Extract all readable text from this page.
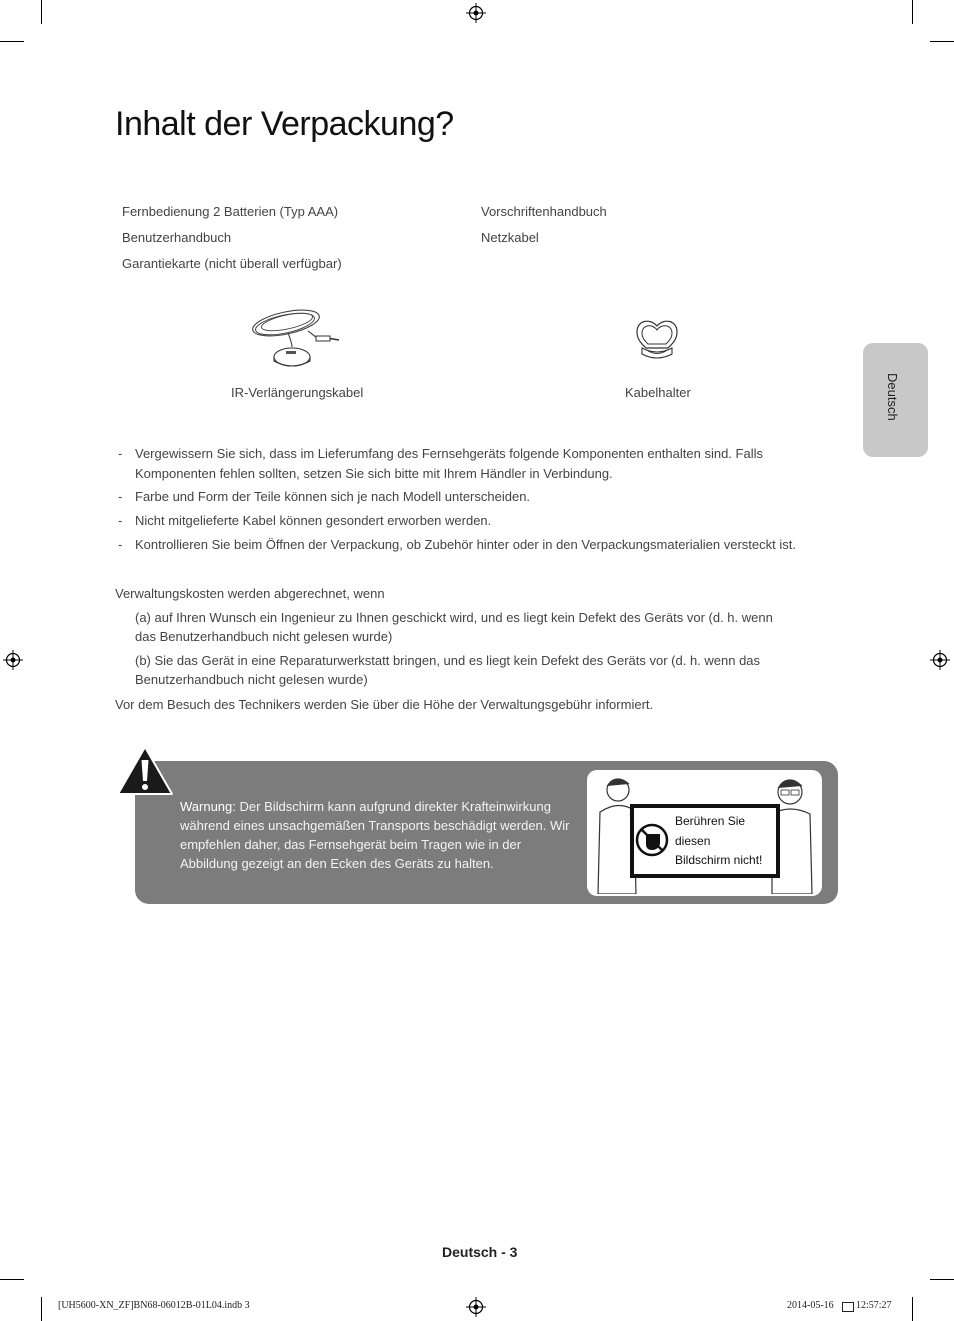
Inhalt der Verpackung?
Deutsch
Fernbedienung 2 Batterien (Typ AAA)
Benutzerhandbuch
Garantiekarte (nicht überall verfügbar)
Vorschriftenhandbuch
Netzkabel
IR-Verlängerungskabel	Kabelhalter
- Vergewissern Sie sich, dass im Lieferumfang des Fernsehgeräts folgende Komponenten enthalten sind. Falls Komponenten fehlen sollten, setzen Sie sich bitte mit Ihrem Händler in Verbindung.
- Farbe und Form der Teile können sich je nach Modell unterscheiden.
- Nicht mitgelieferte Kabel können gesondert erworben werden.
- Kontrollieren Sie beim Öffnen der Verpackung, ob Zubehör hinter oder in den Verpackungsmaterialien versteckt ist.
Verwaltungskosten werden abgerechnet, wenn
(a) auf Ihren Wunsch ein Ingenieur zu Ihnen geschickt wird, und es liegt kein Defekt des Geräts vor (d. h. wenn das Benutzerhandbuch nicht gelesen wurde)
(b) Sie das Gerät in eine Reparaturwerkstatt bringen, und es liegt kein Defekt des Geräts vor (d. h. wenn das Benutzerhandbuch nicht gelesen wurde)
Vor dem Besuch des Technikers werden Sie über die Höhe der Verwaltungsgebühr informiert.
Warnung: Der Bildschirm kann aufgrund direkter Krafteinwirkung während eines unsachgemäßen Transports beschädigt werden. Wir empfehlen daher, das Fernsehgerät beim Tragen wie in der Abbildung gezeigt an den Ecken des Geräts zu halten.
Berühren Sie
diesen
Bildschirm nicht!
Deutsch - 3
[UH5600-XN_ZF]BN68-06012B-01L04.indb 3	2014-05-16 12:57:27
